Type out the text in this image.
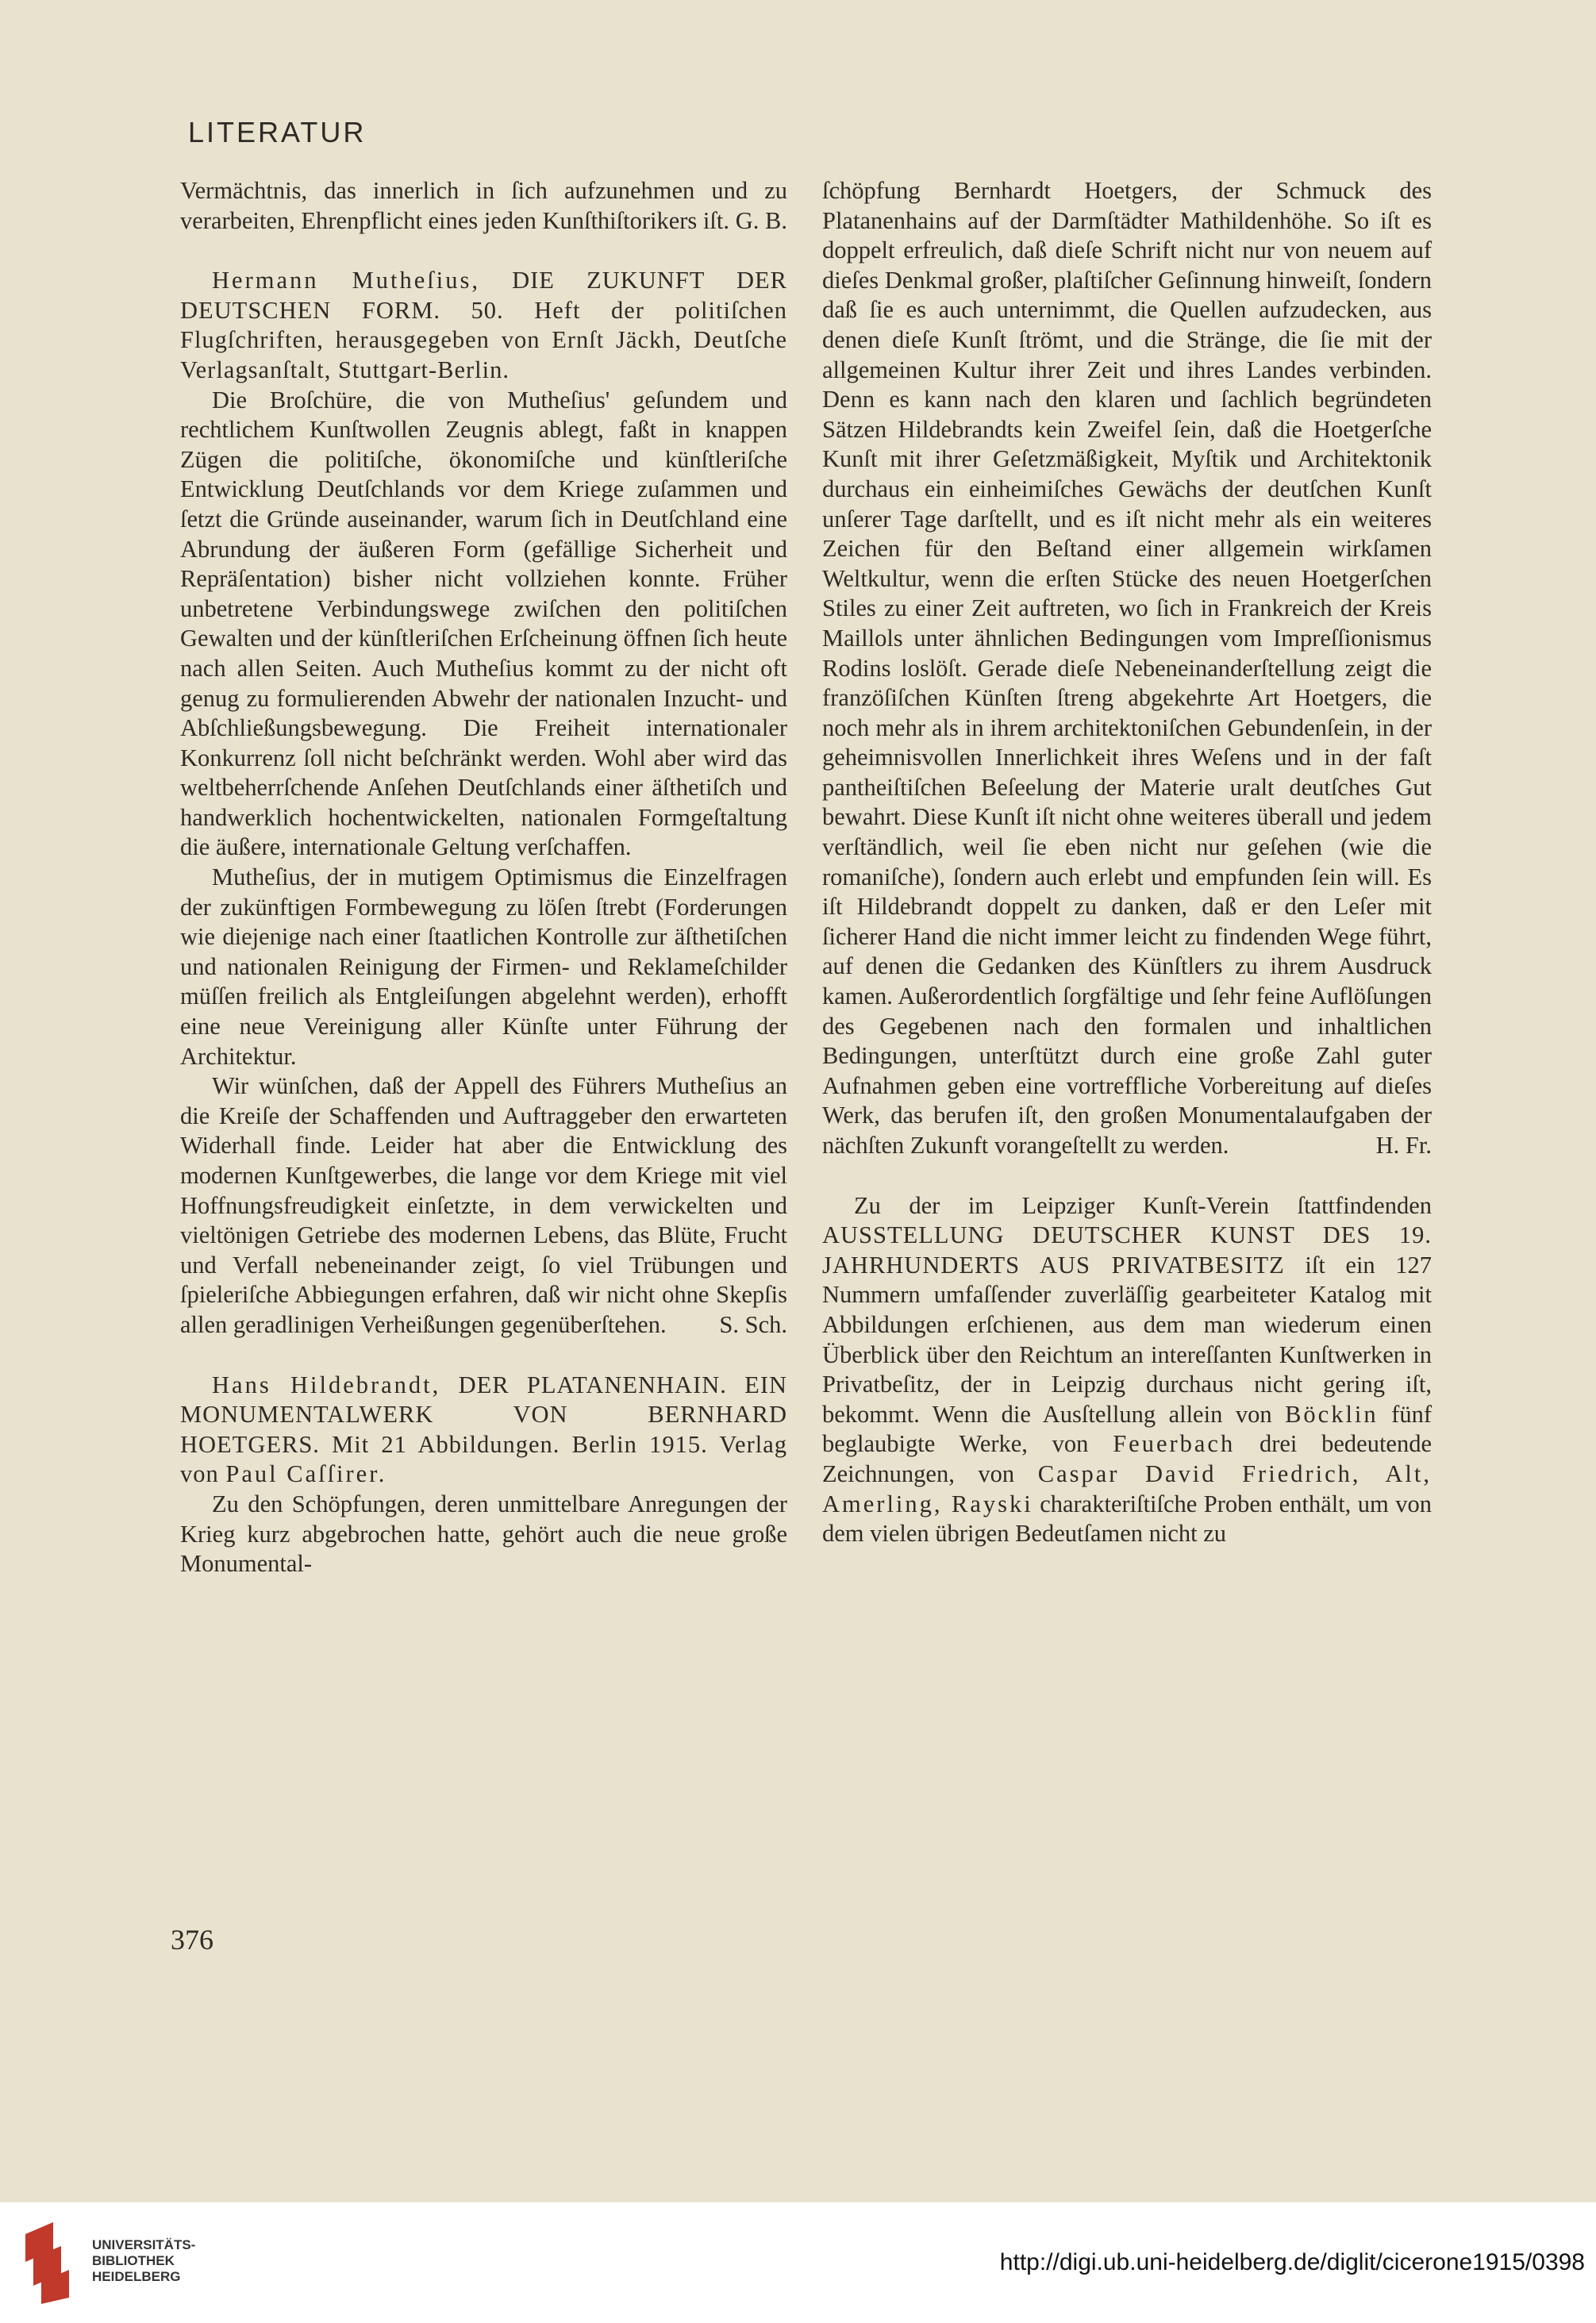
LITERATUR

Vermächtnis, das innerlich in ſich aufzunehmen und zu verarbeiten, Ehrenpflicht eines jeden Kunſthiſtorikers iſt. G. B.

Hermann Mutheſius, DIE ZUKUNFT DER DEUTSCHEN FORM. 50. Heft der politiſchen Flugſchriften, herausgegeben von Ernſt Jäckh, Deutſche Verlagsanſtalt, Stuttgart-Berlin.

Die Broſchüre, die von Mutheſius' geſundem und rechtlichem Kunſtwollen Zeugnis ablegt, faßt in knappen Zügen die politiſche, ökonomiſche und künſtleriſche Entwicklung Deutſchlands vor dem Kriege zuſammen und ſetzt die Gründe auseinander, warum ſich in Deutſchland eine Abrundung der äußeren Form (gefällige Sicherheit und Repräſentation) bisher nicht vollziehen konnte. Früher unbetretene Verbindungswege zwiſchen den politiſchen Gewalten und der künſtleriſchen Erſcheinung öffnen ſich heute nach allen Seiten. Auch Mutheſius kommt zu der nicht oft genug zu formulierenden Abwehr der nationalen Inzucht- und Abſchließungsbewegung. Die Freiheit internationaler Konkurrenz ſoll nicht beſchränkt werden. Wohl aber wird das weltbeherrſchende Anſehen Deutſchlands einer äſthetiſch und handwerklich hochentwickelten, nationalen Formgeſtaltung die äußere, internationale Geltung verſchaffen.

Mutheſius, der in mutigem Optimismus die Einzelfragen der zukünftigen Formbewegung zu löſen ſtrebt (Forderungen wie diejenige nach einer ſtaatlichen Kontrolle zur äſthetiſchen und nationalen Reinigung der Firmen- und Reklameſchilder müſſen freilich als Entgleiſungen abgelehnt werden), erhofft eine neue Vereinigung aller Künſte unter Führung der Architektur.

Wir wünſchen, daß der Appell des Führers Mutheſius an die Kreiſe der Schaffenden und Auftraggeber den erwarteten Widerhall finde. Leider hat aber die Entwicklung des modernen Kunſtgewerbes, die lange vor dem Kriege mit viel Hoffnungsfreudigkeit einſetzte, in dem verwickelten und vieltönigen Getriebe des modernen Lebens, das Blüte, Frucht und Verfall nebeneinander zeigt, ſo viel Trübungen und ſpieleriſche Abbiegungen erfahren, daß wir nicht ohne Skepſis allen geradlinigen Verheißungen gegenüberſtehen. S. Sch.

Hans Hildebrandt, DER PLATANENHAIN. EIN MONUMENTALWERK VON BERNHARD HOETGERS. Mit 21 Abbildungen. Berlin 1915. Verlag von Paul Caſſirer.

Zu den Schöpfungen, deren unmittelbare Anregungen der Krieg kurz abgebrochen hatte, gehört auch die neue große Monumental-

ſchöpfung Bernhardt Hoetgers, der Schmuck des Platanenhains auf der Darmſtädter Mathildenhöhe. So iſt es doppelt erfreulich, daß dieſe Schrift nicht nur von neuem auf dieſes Denkmal großer, plaſtiſcher Geſinnung hinweiſt, ſondern daß ſie es auch unternimmt, die Quellen aufzudecken, aus denen dieſe Kunſt ſtrömt, und die Stränge, die ſie mit der allgemeinen Kultur ihrer Zeit und ihres Landes verbinden. Denn es kann nach den klaren und ſachlich begründeten Sätzen Hildebrandts kein Zweifel ſein, daß die Hoetgerſche Kunſt mit ihrer Geſetzmäßigkeit, Myſtik und Architektonik durchaus ein einheimiſches Gewächs der deutſchen Kunſt unſerer Tage darſtellt, und es iſt nicht mehr als ein weiteres Zeichen für den Beſtand einer allgemein wirkſamen Weltkultur, wenn die erſten Stücke des neuen Hoetgerſchen Stiles zu einer Zeit auftreten, wo ſich in Frankreich der Kreis Maillols unter ähnlichen Bedingungen vom Impreſſionismus Rodins loslöſt. Gerade dieſe Nebeneinanderſtellung zeigt die franzöſiſchen Künſten ſtreng abgekehrte Art Hoetgers, die noch mehr als in ihrem architektoniſchen Gebundenſein, in der geheimnisvollen Innerlichkeit ihres Weſens und in der faſt pantheiſtiſchen Beſeelung der Materie uralt deutſches Gut bewahrt. Diese Kunſt iſt nicht ohne weiteres überall und jedem verſtändlich, weil ſie eben nicht nur geſehen (wie die romaniſche), ſondern auch erlebt und empfunden ſein will. Es iſt Hildebrandt doppelt zu danken, daß er den Leſer mit ſicherer Hand die nicht immer leicht zu findenden Wege führt, auf denen die Gedanken des Künſtlers zu ihrem Ausdruck kamen. Außerordentlich ſorgfältige und ſehr feine Auflöſungen des Gegebenen nach den formalen und inhaltlichen Bedingungen, unterſtützt durch eine große Zahl guter Aufnahmen geben eine vortreffliche Vorbereitung auf dieſes Werk, das berufen iſt, den großen Monumentalaufgaben der nächſten Zukunft vorangeſtellt zu werden.	H. Fr.

Zu der im Leipziger Kunſt-Verein ſtattfindenden AUSSTELLUNG DEUTSCHER KUNST DES 19. JAHRHUNDERTS AUS PRIVATBESITZ iſt ein 127 Nummern umfaſſender zuverläſſig gearbeiteter Katalog mit Abbildungen erſchienen, aus dem man wiederum einen Überblick über den Reichtum an intereſſanten Kunſtwerken in Privatbeſitz, der in Leipzig durchaus nicht gering iſt, bekommt. Wenn die Ausſtellung allein von Böcklin fünf beglaubigte Werke, von Feuerbach drei bedeutende Zeichnungen, von Caspar David Friedrich, Alt, Amerling, Rayski charakteriſtiſche Proben enthält, um von dem vielen übrigen Bedeutſamen nicht zu

376
UNIVERSITÄTS-
BIBLIOTHEK
HEIDELBERG
http://digi.ub.uni-heidelberg.de/diglit/cicerone1915/0398
